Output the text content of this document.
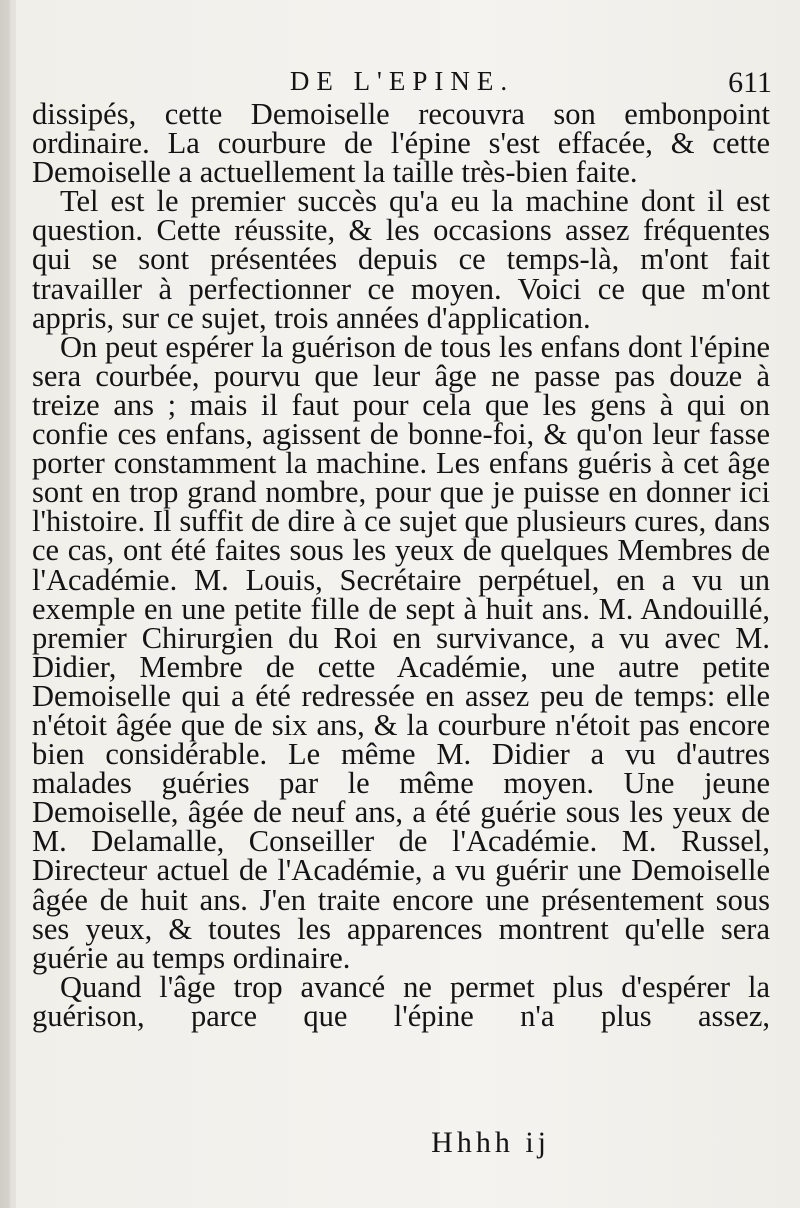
DE L'EPINE.	611

dissipés, cette Demoiselle recouvra son embonpoint ordinaire. La courbure de l'épine s'est effacée, & cette Demoiselle a actuellement la taille très-bien faite.

Tel est le premier succès qu'a eu la machine dont il est question. Cette réussite, & les occasions assez fréquentes qui se sont présentées depuis ce temps-là, m'ont fait travailler à perfectionner ce moyen. Voici ce que m'ont appris, sur ce sujet, trois années d'application.

On peut espérer la guérison de tous les enfans dont l'épine sera courbée, pourvu que leur âge ne passe pas douze à treize ans ; mais il faut pour cela que les gens à qui on confie ces enfans, agissent de bonne-foi, & qu'on leur fasse porter constamment la machine. Les enfans guéris à cet âge sont en trop grand nombre, pour que je puisse en donner ici l'histoire. Il suffit de dire à ce sujet que plusieurs cures, dans ce cas, ont été faites sous les yeux de quelques Membres de l'Académie. M. Louis, Secrétaire perpétuel, en a vu un exemple en une petite fille de sept à huit ans. M. Andouillé, premier Chirurgien du Roi en survivance, a vu avec M. Didier, Membre de cette Académie, une autre petite Demoiselle qui a été redressée en assez peu de temps: elle n'étoit âgée que de six ans, & la courbure n'étoit pas encore bien considérable. Le même M. Didier a vu d'autres malades guéries par le même moyen. Une jeune Demoiselle, âgée de neuf ans, a été guérie sous les yeux de M. Delamalle, Conseiller de l'Académie. M. Russel, Directeur actuel de l'Académie, a vu guérir une Demoiselle âgée de huit ans. J'en traite encore une présentement sous ses yeux, & toutes les apparences montrent qu'elle sera guérie au temps ordinaire.

Quand l'âge trop avancé ne permet plus d'espérer la guérison, parce que l'épine n'a plus assez,

Hhhh ij
